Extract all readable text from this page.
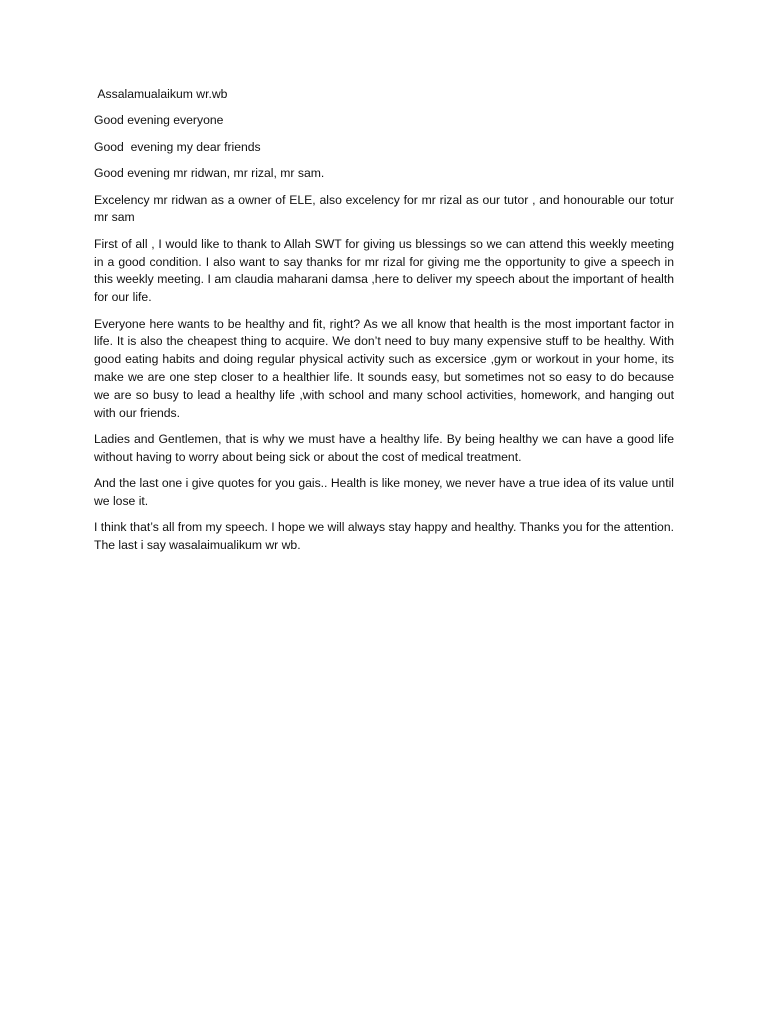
Assalamualaikum wr.wb

Good evening everyone

Good  evening my dear friends

Good evening mr ridwan, mr rizal, mr sam.

Excelency mr ridwan as a owner of ELE, also excelency for mr rizal as our tutor , and honourable our totur mr sam

First of all , I would like to thank to Allah SWT for giving us blessings so we can attend this weekly meeting in a good condition. I also want to say thanks for mr rizal for giving me the opportunity to give a speech in this weekly meeting. I am claudia maharani damsa ,here to deliver my speech about the important of health for our life.

Everyone here wants to be healthy and fit, right? As we all know that health is the most important factor in life. It is also the cheapest thing to acquire. We don’t need to buy many expensive stuff to be healthy. With good eating habits and doing regular physical activity such as excersice ,gym or workout in your home, its make we are one step closer to a healthier life. It sounds easy, but sometimes not so easy to do because we are so busy to lead a healthy life ,with school and many school activities, homework, and hanging out with our friends.

Ladies and Gentlemen, that is why we must have a healthy life. By being healthy we can have a good life without having to worry about being sick or about the cost of medical treatment.

And the last one i give quotes for you gais.. Health is like money, we never have a true idea of its value until we lose it.

I think that’s all from my speech. I hope we will always stay happy and healthy. Thanks you for the attention. The last i say wasalaimualikum wr wb.
